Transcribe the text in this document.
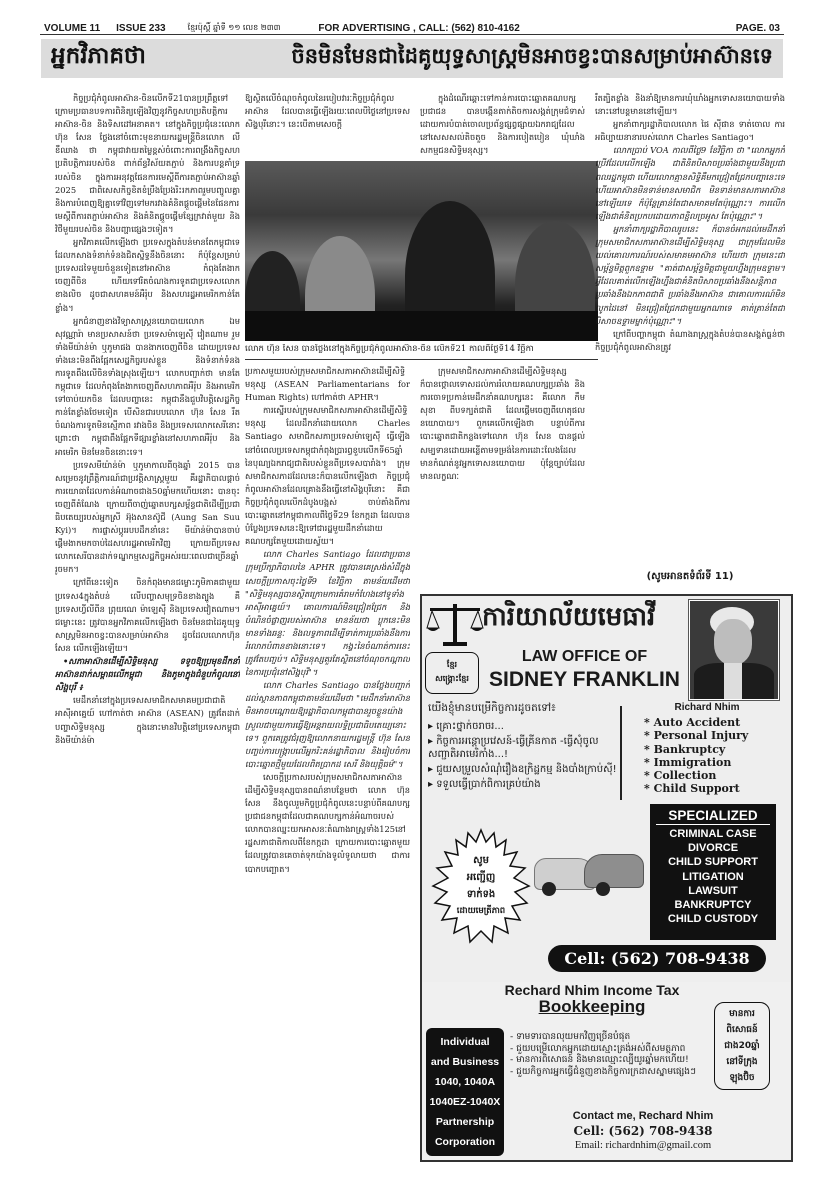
VOLUME 11 ISSUE 233	ខ្មែរប៉ុស្តិ៍ ឆ្នាំទី ១១ លេខ ២៣៣	FOR ADVERTISING , CALL: (562) 810-4162	PAGE. 03
អ្នកវិភាគថា	ចិនមិនមែនជាដៃគូយុទ្ធសាស្ត្រមិនអាចខ្វះបានសម្រាប់អាស៊ានទេ

កិច្ចប្រជុំកំពូលអាស៊ាន-ចិនលើកទី21បានប្រព្រឹត្តទៅក្រោមប្រធានបទការពិនិត្យឡើងវិញនូវកិច្ចសហប្រតិបត្តិការអាស៊ាន-ចិន និងទិសដៅអនាគត។ នៅក្នុងកិច្ចប្រជុំនេះលោក ហ៊ុន សែន ថ្លែងនៅចំពោះមុខនាយករដ្ឋមន្ត្រីចិនលោក លី ខឺឈាង ថា កម្ពុជាវាយតម្លៃខ្ពស់ចំពោះការពង្រឹងកិច្ចសហប្រតិបត្តិការរបស់ចិន ពាក់ព័ន្ធវិស័យតភ្ជាប់ និងការបន្តគាំទ្ររបស់ចិន ក្នុងការអនុវត្តផែនការមេស្តីពីការតភ្ជាប់អាស៊ានឆ្នាំ 2025 ជាពិសេសកិច្ចខិតខំប្រឹងប្រែងរិះរកភាពរួមបញ្ចូលគ្នា និងការបំពេញឱ្យគ្នាទៅវិញទៅមករវាងគំនិតផ្តួចផ្តើមនៃផែនការមេស្តីពីការតភ្ជាប់អាស៊ាន និងគំនិតផ្តួចផ្តើមខ្សែក្រវាត់មួយ និងវិថីមួយរបស់ចិន និងបញ្ហាផ្សេងៗទៀត។

អ្នកវិភាគលើកឡើងថា ប្រទេសក្នុងតំបន់មានតែកម្ពុជាទេ ដែលកសាងទំនាក់ទំនងជិតស្និទ្ធនឹងចិននោះ ក៏ប៉ុន្តែសម្រាប់ប្រទេសដទៃមួយចំនួនទៀតនៅអាស៊ាន កំពុងតែងាកចេញពីចិន ហើយទៅរិតចំណងការទូតជាប្រទេសលោកខាងលិច ដូចជាសហគមន៍អឺរ៉ុប និងសហរដ្ឋអាមេរិកកាន់តែខ្លាំង។

អ្នកជំនាញខាងវិទ្យាសាស្ត្រនយោបាយលោក ឯម សុវណ្ណារ៉ា មានប្រសាសន៍ថា ប្រទេសម៉ាឡេស៊ី វៀតណាម រួមទាំងមីយ៉ាន់ម៉ា ឬភូមាផង បានងាកចេញពីចិន ដោយប្រទេសទាំងនេះមិនពឹងផ្អែកសេដ្ឋកិច្ចរបស់ខ្លួន និងទំនាក់ទំនងការទូតពឹងលើចិនទាំងស្រុងឡើយ។ លោកបញ្ជាក់ថា មានតែកម្ពុជាទេ ដែលកំពុងតែងាកចេញពីសហភាពអឺរ៉ុប និងអាមេរិកទៅចាប់យកចិន ដែលបញ្ហានេះ កម្ពុជានឹងជួបវិបត្តិសេដ្ឋកិច្ចកាន់តែខ្លាំងថែមទៀត បើសិនជារបបលោក ហ៊ុន សែន រឹតចំណងការទូតមិនស្មើភាព រវាងចិន និងប្រទេសលោកសេរីនោះ ព្រោះថា កម្ពុជាពឹងផ្អែកទីផ្សារខ្លាំងនៅសហភាពអឺរ៉ុប និងអាមេរិក មិនមែនចិននោះទេ។

ប្រទេសមីយ៉ាន់ម៉ា ឬភូមាកាលពីចុងឆ្នាំ 2015 បានសម្រេចនូវព្រឹត្តិការណ៍ជាប្រវត្តិសាស្ត្រមួយ គឺរដ្ឋាភិបាលផ្តាច់ការយោធាដែលកាន់អំណាចជាង50ឆ្នាំមកហើយនោះ បានចុះចេញពីតំណែង ក្រោយពីចាញ់ឆ្នោតបក្សសម្ព័ន្ធជាតិដើម្បីប្រជាធិបតេយ្យរបស់អ្នកស្រី អ៊ុងសានស៊ូជី (Aung San Suu Kyi)។ ការផ្លាស់ប្តូររបបដឹកនាំនេះ មីយ៉ាន់ម៉ាបានចាប់ផ្តើមងាកមកចាប់ដៃសហរដ្ឋអាមេរិកវិញ ក្រោយពីប្រទេសលោកសេរីបានដាក់ទណ្ឌកម្មសេដ្ឋកិច្ចអស់រយៈពេលជាច្រើនឆ្នាំរួចមក។

ក្រៅពីនេះទៀត ចិនកំពុងមានជម្លោះភូមិភាគជាមួយប្រទេស4ក្នុងតំបន់ លើបញ្ហាសមុទ្រចិនខាងត្បូង គឺប្រទេសហ្វីលីពីន ព្រុយណេ ម៉ាឡេស៊ី និងប្រទេសវៀតណាម។ ជម្លោះនេះ ត្រូវបានអ្នកវិភាគលើកឡើងថា ចិនមែនជាដៃគូយុទ្ធសាស្ត្រមិនអាចខ្វះបានសម្រាប់អាស៊ាន ដូចដែលលោកហ៊ុន សែន លើកឡើងឡើយ។

•សភាអាស៊ានដើម្បីសិទ្ធិមនុស្ស ទទូចឱ្យប្រមុខដឹកនាំអាស៊ានដាក់សម្ពាធលើកម្ពុជា និងភូមាក្នុងជំនួបកំពូលនៅសិង្ហបុរី ៖

មេដឹកនាំនៅក្នុងប្រទេសសមាជិកសមាគមប្រជាជាតិអាស៊ីអាគ្នេយ៍ ហៅកាត់ថា អាស៊ាន (ASEAN) ត្រូវតែដាក់បញ្ហាសិទ្ធិមនុស្ស ក្នុងនោះមានវិបត្តិនៅប្រទេសកម្ពុជានិងមីយ៉ាន់ម៉ា

ឱ្យស្ថិតលើចំណុចកំពូលនៃរបៀបវារៈកិច្ចប្រជុំកំពូលអាស៊ាន ដែលបានធ្វើឡើងរយៈពេលបីថ្ងៃនៅប្រទេសសិង្ហបុរីនោះ។ នេះបើតាមសេចក្តី

ក្នុងដំណើរឆ្ពោះទៅកាន់ការបោះឆ្នោតគណបក្សប្រជាជន បានបង្កើនតាក់តិចការសង្កត់ក្រុមជំទាស់ ដោយការបំបាត់ចោលប្រព័ន្ធផ្សព្វផ្សាយឯករាជ្យដែលនៅសេសសល់តិចតួច និងការបៀតបៀន ឃុំឃាំងសកម្មជនសិទ្ធិមនុស្ស។

លោក ហ៊ុន សែន បានថ្លែងនៅក្នុងកិច្ចប្រជុំកំពូលអាស៊ាន-ចិន លើកទី21 កាលពីថ្ងៃទី14 វិច្ឆិកា

ប្រកាសមួយរបស់ក្រុមសមាជិកសភាអាស៊ានដើម្បីសិទ្ធិមនុស្ស (ASEAN Parliamentarians for Human Rights) ហៅកាត់ថា APHR។

ការស្នើរបស់ក្រុមសមាជិកសភាអាស៊ានដើម្បីសិទ្ធិមនុស្ស ដែលដឹកនាំដោយលោក Charles Santiago សមាជិកសភាប្រទេសម៉ាឡេស៊ី ធ្វើឡើងនៅចំពេលប្រទេសកម្ពុជាកំពុងប្រារព្ធខួបលើកទី65ឆ្នាំនៃបុណ្យឯករាជ្យជាតិរបស់ខ្លួនពីប្រទេសបារាំង។ ក្រុមសមាជិកសភាដដែលនេះក៏បានលើកឡើងថា កិច្ចប្រជុំកំពូលអាស៊ានដែលគ្រោងនឹងធ្វើនៅសិង្ហបុរីនោះ គឺជាកិច្ចប្រជុំកំពូលលើកដំបូងបង្អស់ ចាប់តាំងពីការបោះឆ្នោតនៅកម្ពុជាកាលពីថ្ងៃទី29 ខែកក្កដា ដែលបានបំប្លែងប្រទេសនេះឱ្យទៅជារដ្ឋមួយដឹកនាំដោយគណបក្សតែមួយដោយស្វ័យ។

លោក Charles Santiago ដែលជាប្រធានក្រុមប្រឹក្សាភិបាលនៃ APHR ត្រូវបានគេស្រង់សំដីក្នុងសេចក្តីប្រកាសចុះថ្ងៃទី9 ខែវិច្ឆិកា តាមន័យដើមថា "សិទ្ធិមនុស្សបានស្ថិតក្រោមការគំរាមកំហែងនៅទូទាំងអាស៊ីអាគ្នេយ៍។ គោលការណ៍មិនជ្រៀតជ្រែក និងបំណិនចំផ្លាញរបស់អាស៊ាន មានន័យថា ប្លុកនេះមិនមានទាំងឆន្ទៈ និងលទ្ធភាពដើម្បីទាត់ការប្រឆាំងនឹងការរំលោភបំពានខាងនោះទេ។ កង្វះនៃចំណាត់ការនេះត្រូវតែបញ្ចប់។ សិទ្ធិមនុស្សគួរតែស្ថិតនៅចំណុចកណ្តាលនៃការប្រជុំនៅសិង្ហបុរី"។

លោក Charles Santiago បានថ្លែងបញ្ជាក់ដល់ស្ថានភាពកម្ពុជាតាមន័យដើមថា "មេដឹកនាំអាស៊ានមិនអាចបណ្តោយឱ្យរដ្ឋាភិបាលកម្ពុជាបានរួចខ្លួនយ៉ាងស្រួលជាមួយការធ្វើឱ្យអន្តរាយលទ្ធិប្រជាធិបតេយ្យនោះទេ។ ពួកគេត្រូវជំរុញឱ្យលោកនាយករដ្ឋមន្ត្រី ហ៊ុន សែន បញ្ចប់ការបង្ក្រាបលើអ្នករិះគន់រដ្ឋាភិបាល និងរៀបចំការបោះឆ្នោតថ្មីមួយដែលពិតប្រាកដ សេរី និងយុត្តិធម៌"។

សេចក្តីប្រកាសរបស់ក្រុមសមាជិកសភាអាស៊ានដើម្បីសិទ្ធិមនុស្សបានពណ៌នាបន្ថែមថា លោក ហ៊ុន សែន នឹងចូលរួមកិច្ចប្រជុំកំពូលនេះបន្ទាប់ពីគណបក្សប្រជាជនកម្ពុជាដែលជាគណបក្សកាន់អំណាចរបស់លោកបានឈ្នះយកអាសនៈតំណាងរាស្ត្រទាំង125នៅរដ្ឋសភាជាតិកាលពីខែកក្កដា ក្រោយការបោះឆ្នោតមួយដែលត្រូវបានគេចាត់ទុកយ៉ាងទូលំទូលាយថា ជាការបោកបញ្ឆោត។

ក្រុមសមាជិកសភាអាស៊ានដើម្បីសិទ្ធិមនុស្ស ក៏បានថ្កោលទោសដល់ការរំលាយគណបក្សប្រឆាំង និងការចោទប្រកាន់មេដឹកនាំគណបក្សនេះ គឺលោក កឹម សុខា ពីបទក្បត់ជាតិ ដែលផ្តើមចេញពីហេតុផលនយោបាយ។ ពួកគេលើកឡើងថា បន្ទាប់ពីការបោះឆ្នោតជាតិកន្លងទៅលោក ហ៊ុន សែន បានផ្តល់សម្បទានដោយអន្លើតាមទម្រង់នៃការដោះលែងដែលមានកំណត់នូវអ្នកទោសនយោបាយ ប៉ុន្តែច្បាប់ដែលមានលក្ខណៈ

រឹតត្បិតខ្លាំង និងនាំឱ្យមានការឃុំឃាំងអ្នកទោសនយោបាយទាំងនោះនៅបន្តមាននៅឡើយ។

អ្នកនាំពាក្យរដ្ឋាភិបាលលោក ផៃ ស៊ីផាន ទាត់ចោល ការអធិប្បាយនានារបស់លោក Charles Santiago។

លោកប្រាប់ VOA កាលពីថ្ងៃ9 ខែវិច្ឆិកា ថា "លោកអ្នកកំប្រើវដែលលើកឡើង ជាតិនិតបិសាចប្រឆាំងជាមួយនឹងប្រជាពលរដ្ឋកម្ពុជា ហើយលោកគ្មានសិទ្ធិគឺមកជ្រៀតជ្រែកបញ្ហានេះទេ ហើយអាស៊ានមិនទាន់មានសមាជិក មិនទាន់មានសភាអាស៊ាននៅឡើយទេ ក៏ប៉ុន្តែគ្រាន់តែជាសមាគមតែប៉ុណ្ណោះ។ ការលើកឡើងជាគំនិតប្រកបដោយភាពខ្ជិលច្រអូស តែប៉ុណ្ណោះ"។

អ្នកនាំពាក្យរដ្ឋាភិបាលរូបនេះ ក៏បានចំអកដល់មេដឹកនាំក្រុមសមាជិកសភាអាស៊ានដើម្បីសិទ្ធិមនុស្ស ជាក្រុមដែលមិនយល់គោលការណ៍របស់សមាគមអាស៊ាន ហើយថា ក្រុមនេះជាសម្ព័ន្ធមិត្តពួកឧទ្ទាម "គាត់ជាសម្ព័ន្ធមិត្តជាមួយហ្នឹងក្រុមឧទ្ទាម។ អ្វីដែលគាត់លើកឡើងហ្នឹងជាគំនិតបិសាចប្រឆាំងនឹងសន្តិភាព ប្រឆាំងនឹងឯកភាពជាតិ ប្រឆាំងនឹងអាស៊ាន ជាគោលការណ៍មិនលូកដៃនៅ មិនជ្រៀតជ្រែកជាមួយអ្នកណាទេ គាត់គ្រាន់តែជាបិសាចឧទ្ទាមម្នាក់ប៉ុណ្ណោះ"។

ក្រៅពីបញ្ហាកម្ពុជា តំណាងរាស្ត្រក្នុងតំបន់បានសង្កត់ធ្ងន់ថា កិច្ចប្រជុំកំពូលអាស៊ានត្រូវ

(សូមអានតទំព័រទី 11)
ការិយាល័យមេធាវី
ខ្មែរ
សង្គ្រោះខ្មែរ
LAW OFFICE OF
SIDNEY FRANKLIN
យើងខ្ញុំមានបម្រើកិច្ចការដូចតទៅ៖
▸ គ្រោះថ្នាក់ចរាចរ...
▸ កិច្ចការអន្តោប្រវេសន៍-ធ្វើគ្រីនកាត -ធ្វើសុំចូលសញ្ជាតិអាមេរិកាំង...!
▸ ជួយសម្រួលសំណុំរឿងឧក្រិដ្ឋកម្ម និងបាំងក្រាប់ស៊ី!
▸ ទទួលធ្វើប្រាក់ពិការគ្រប់យ៉ាង
Richard Nhim
* Auto Accident
* Personal Injury
* Bankruptcy
* Immigration
* Collection
* Child Support
សូម
អញ្ជើញ
ទាក់ទង
ដោយមេត្រីភាព
SPECIALIZED
CRIMINAL CASE
DIVORCE
CHILD SUPPORT
LITIGATION
LAWSUIT
BANKRUPTCY
CHILD CUSTODY
Cell: (562) 708-9438
Rechard Nhim Income Tax
Bookkeeping
Individual
and Business
1040, 1040A
1040EZ-1040X
Partnership
Corporation
- ទាមទារបានលុយមកវិញច្រើនបំផុត
- ជួយបម្រើលោកអ្នកដោយស្មោះត្រង់អស់ពីសមត្ថភាព
- មានការពិសោធន៍ និងមានឈ្មោះល្បីយូរឆ្នាំមកហើយ!
- ជួយកិច្ចការអ្នកធ្វើជំនួញខាងកិច្ចការក្រដាសស្នាមផ្សេងៗ
មានការ
ពិសោធន៍
ជាង20ឆ្នាំ
នៅទីក្រុង
ឡុងប៊ិច
Contact me, Rechard Nhim
Cell: (562) 708-9438
Email: richardnhim@gmail.com
